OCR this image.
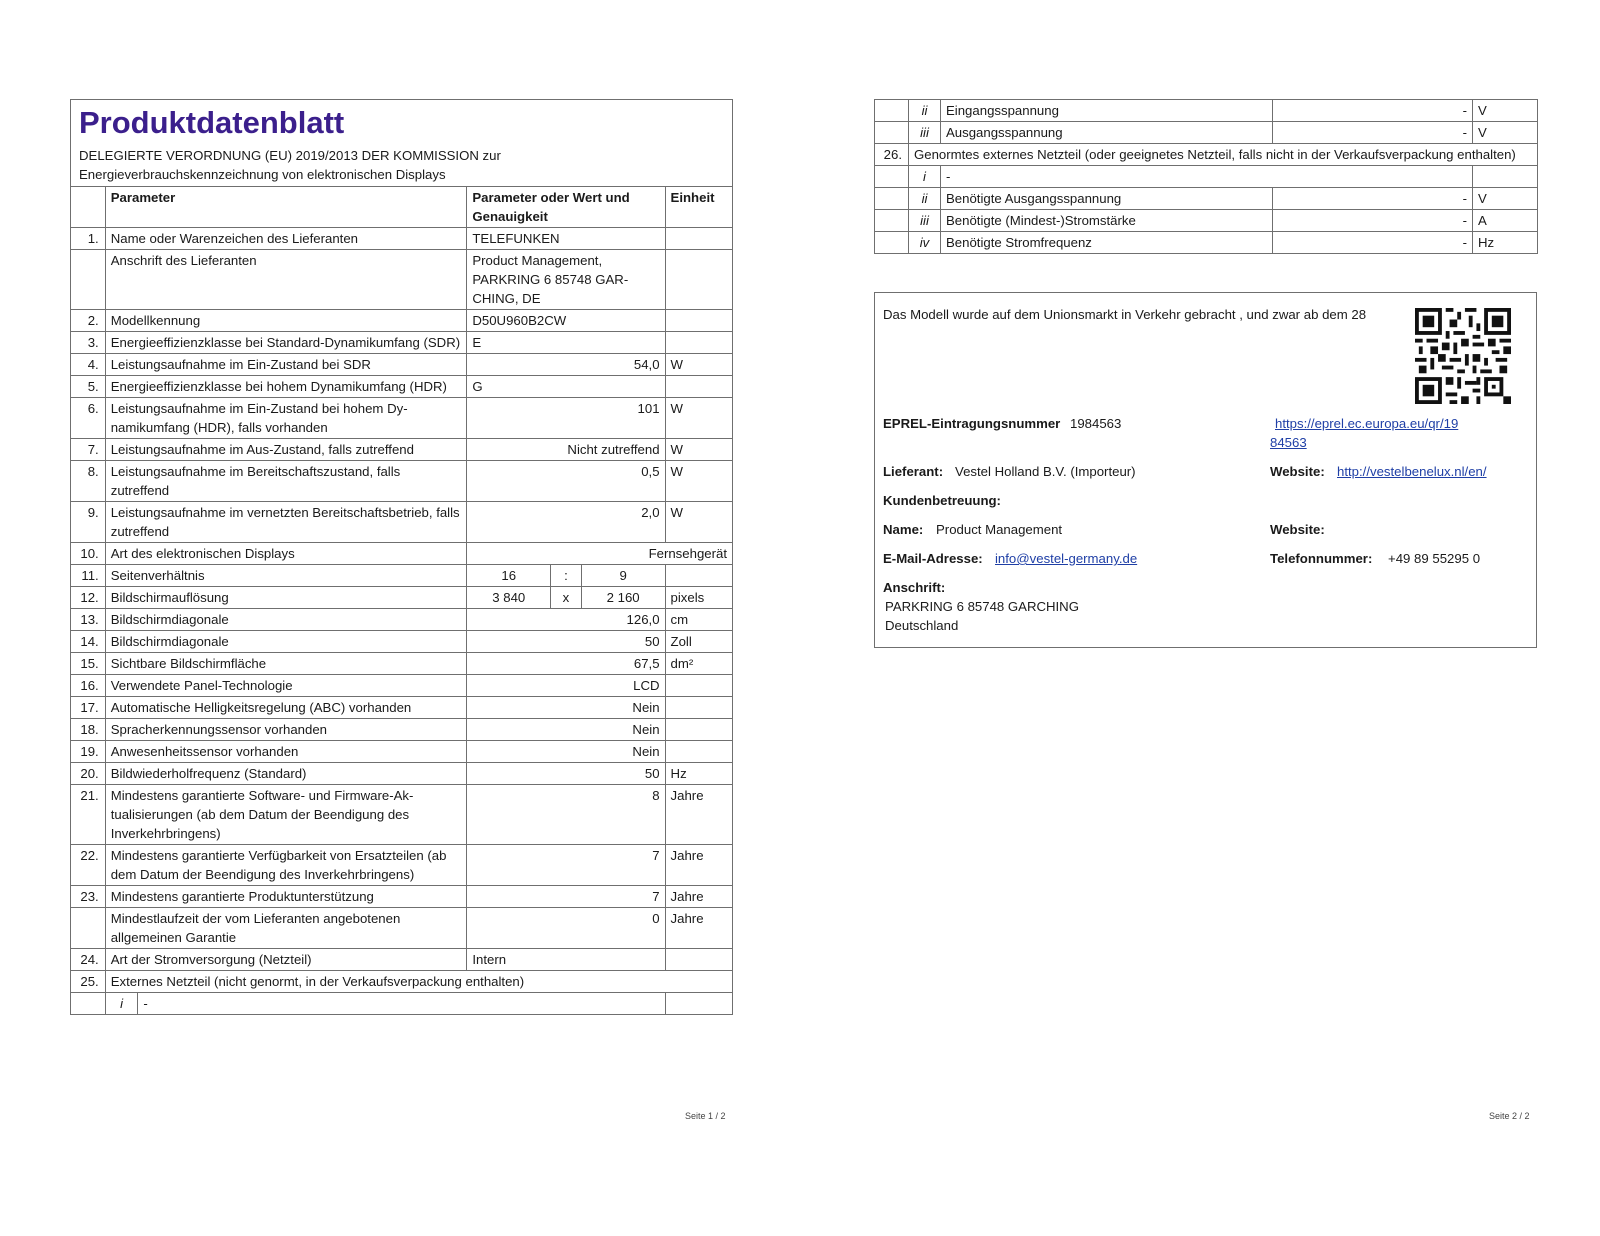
Produktdatenblatt
DELEGIERTE VERORDNUNG (EU) 2019/2013 DER KOMMISSION zur
Energieverbrauchskennzeichnung von elektronischen Displays
	Parameter		Parameter oder Wert und Genauigkeit			Einheit
1.	Name oder Warenzeichen des Lieferanten		TELEFUNKEN			
	Anschrift des Lieferanten		Product Management, PARKRING 6 85748 GARCHING, DE			
2.	Modellkennung		D50U960B2CW			
3.	Energieeffizienzklasse bei Standard-Dynamikumfang (SDR)		E			
4.	Leistungsaufnahme im Ein-Zustand bei SDR		54,0			W
5.	Energieeffizienzklasse bei hohem Dynamikumfang (HDR)		G			
6.	Leistungsaufnahme im Ein-Zustand bei hohem Dynamikumfang (HDR), falls vorhanden		101			W
7.	Leistungsaufnahme im Aus-Zustand, falls zutreffend		Nicht zutreffend			W
8.	Leistungsaufnahme im Bereitschaftszustand, falls zutreffend		0,5			W
9.	Leistungsaufnahme im vernetzten Bereitschaftsbetrieb, falls zutreffend		2,0			W
10.	Art des elektronischen Displays		Fernsehgerät			
11.	Seitenverhältnis		16	:	9	
12.	Bildschirmauflösung		3 840	x	2 160	pixels
13.	Bildschirmdiagonale		126,0			cm
14.	Bildschirmdiagonale		50			Zoll
15.	Sichtbare Bildschirmfläche		67,5			dm²
16.	Verwendete Panel-Technologie		LCD			
17.	Automatische Helligkeitsregelung (ABC) vorhanden		Nein			
18.	Spracherkennungssensor vorhanden		Nein			
19.	Anwesenheitssensor vorhanden		Nein			
20.	Bildwiederholfrequenz (Standard)		50			Hz
21.	Mindestens garantierte Software- und Firmware-Aktualisierungen (ab dem Datum der Beendigung des Inverkehrbringens)		8			Jahre
22.	Mindestens garantierte Verfügbarkeit von Ersatzteilen (ab dem Datum der Beendigung des Inverkehrbringens)		7			Jahre
23.	Mindestens garantierte Produktunterstützung		7			Jahre
	Mindestlaufzeit der vom Lieferanten angebotenen allgemeinen Garantie		0			Jahre
24.	Art der Stromversorgung (Netzteil)		Intern			
25.	Externes Netzteil (nicht genormt, in der Verkaufsverpackung enthalten)					
	i	-				
Seite 1 / 2
	ii	Eingangsspannung	-	V
	iii	Ausgangsspannung	-	V
26.	Genormtes externes Netzteil (oder geeignetes Netzteil, falls nicht in der Verkaufsverpackung enthalten)			
	i	-		
	ii	Benötigte Ausgangsspannung	-	V
	iii	Benötigte (Mindest-)Stromstärke	-	A
	iv	Benötigte Stromfrequenz	-	Hz
Das Modell wurde auf dem Unionsmarkt in Verkehr gebracht , und zwar ab dem 28
EPREL-Eintragungsnummer 1984563	https://eprel.ec.europa.eu/qr/19
84563
Lieferant: Vestel Holland B.V. (Importeur)	Website: http://vestelbenelux.nl/en/
Kundenbetreuung:
Name: Product Management	Website:
E-Mail-Adresse: info@vestel-germany.de	Telefonnummer: +49 89 55295 0
Anschrift:
PARKRING 6 85748 GARCHING
Deutschland
Seite 2 / 2
